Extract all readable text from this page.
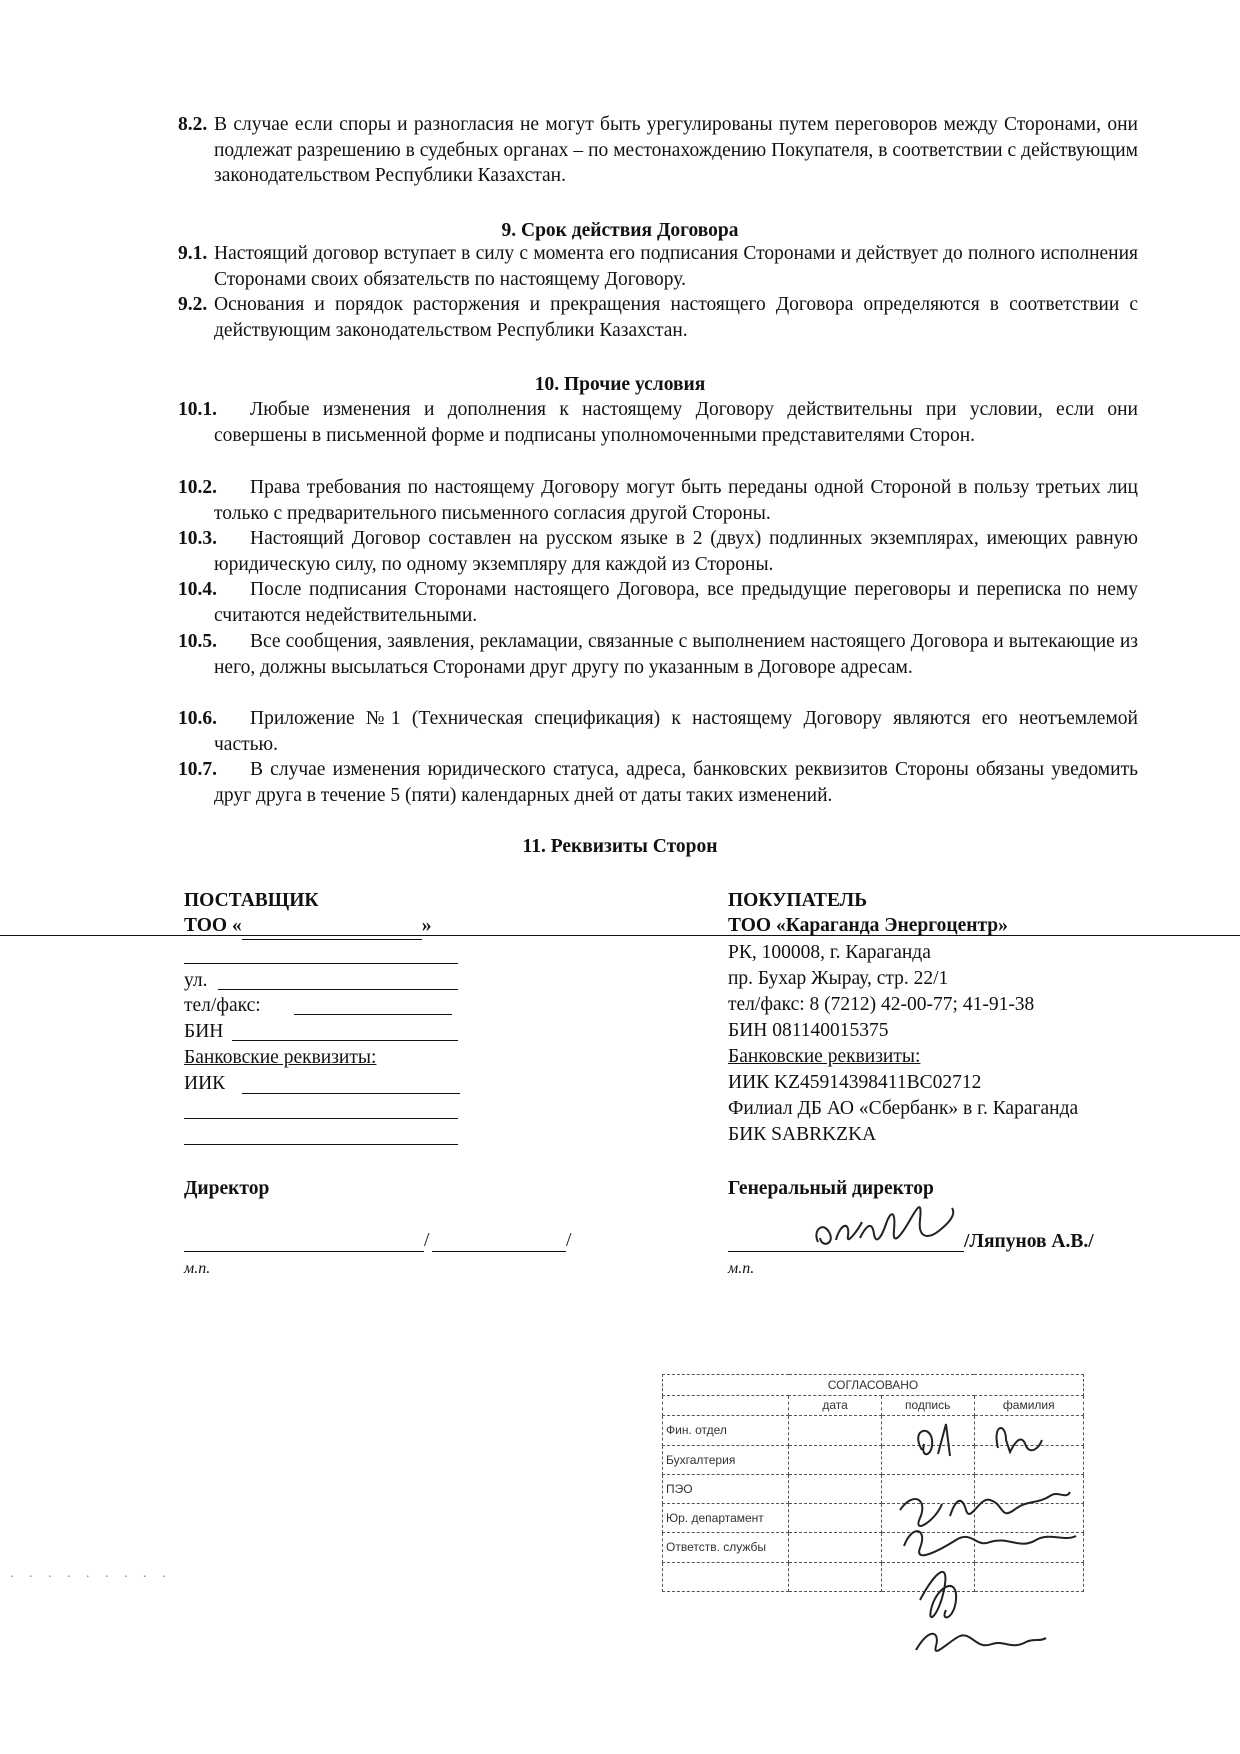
8.2. В случае если споры и разногласия не могут быть урегулированы путем переговоров между Сторонами, они подлежат разрешению в судебных органах – по местонахождению Покупателя, в соответствии с действующим законодательством Республики Казахстан.
9. Срок действия Договора
9.1. Настоящий договор вступает в силу с момента его подписания Сторонами и действует до полного исполнения Сторонами своих обязательств по настоящему Договору.
9.2. Основания и порядок расторжения и прекращения настоящего Договора определяются в соответствии с действующим законодательством Республики Казахстан.
10. Прочие условия
10.1.	Любые изменения и дополнения к настоящему Договору действительны при условии, если они совершены в письменной форме и подписаны уполномоченными представителями Сторон.
10.2.	Права требования по настоящему Договору могут быть переданы одной Стороной в пользу третьих лиц только с предварительного письменного согласия другой Стороны.
10.3.	Настоящий Договор составлен на русском языке в 2 (двух) подлинных экземплярах, имеющих равную юридическую силу, по одному экземпляру для каждой из Стороны.
10.4.	После подписания Сторонами настоящего Договора, все предыдущие переговоры и переписка по нему считаются недействительными.
10.5.	Все сообщения, заявления, рекламации, связанные с выполнением настоящего Договора и вытекающие из него, должны высылаться Сторонами друг другу по указанным в Договоре адресам.
10.6.	Приложение №1 (Техническая спецификация) к настоящему Договору являются его неотъемлемой частью.
10.7.	В случае изменения юридического статуса, адреса, банковских реквизитов Стороны обязаны уведомить друг друга в течение 5 (пяти) календарных дней от даты таких изменений.
11. Реквизиты Сторон
ПОСТАВЩИК
ТОО «	»
ул.
тел/факс:
БИН
Банковские реквизиты:
ИИК
Директор
/	/
м.п.
ПОКУПАТЕЛЬ
ТОО «Караганда Энергоцентр»
РК, 100008, г. Караганда
пр. Бухар Жырау, стр. 22/1
тел/факс: 8 (7212) 42-00-77; 41-91-38
БИН 081140015375
Банковские реквизиты:
ИИК KZ45914398411BC02712
Филиал ДБ АО «Сбербанк» в г. Караганда
БИК SABRKZKA
Генеральный директор
/Ляпунов А.В./
м.п.
СОГЛАСОВАНО			
	дата	подпись	фамилия
Фин. отдел			
Бухгалтерия			
ПЭО			
Юр. департамент			
Ответств. службы			

. . . . . . . . .
